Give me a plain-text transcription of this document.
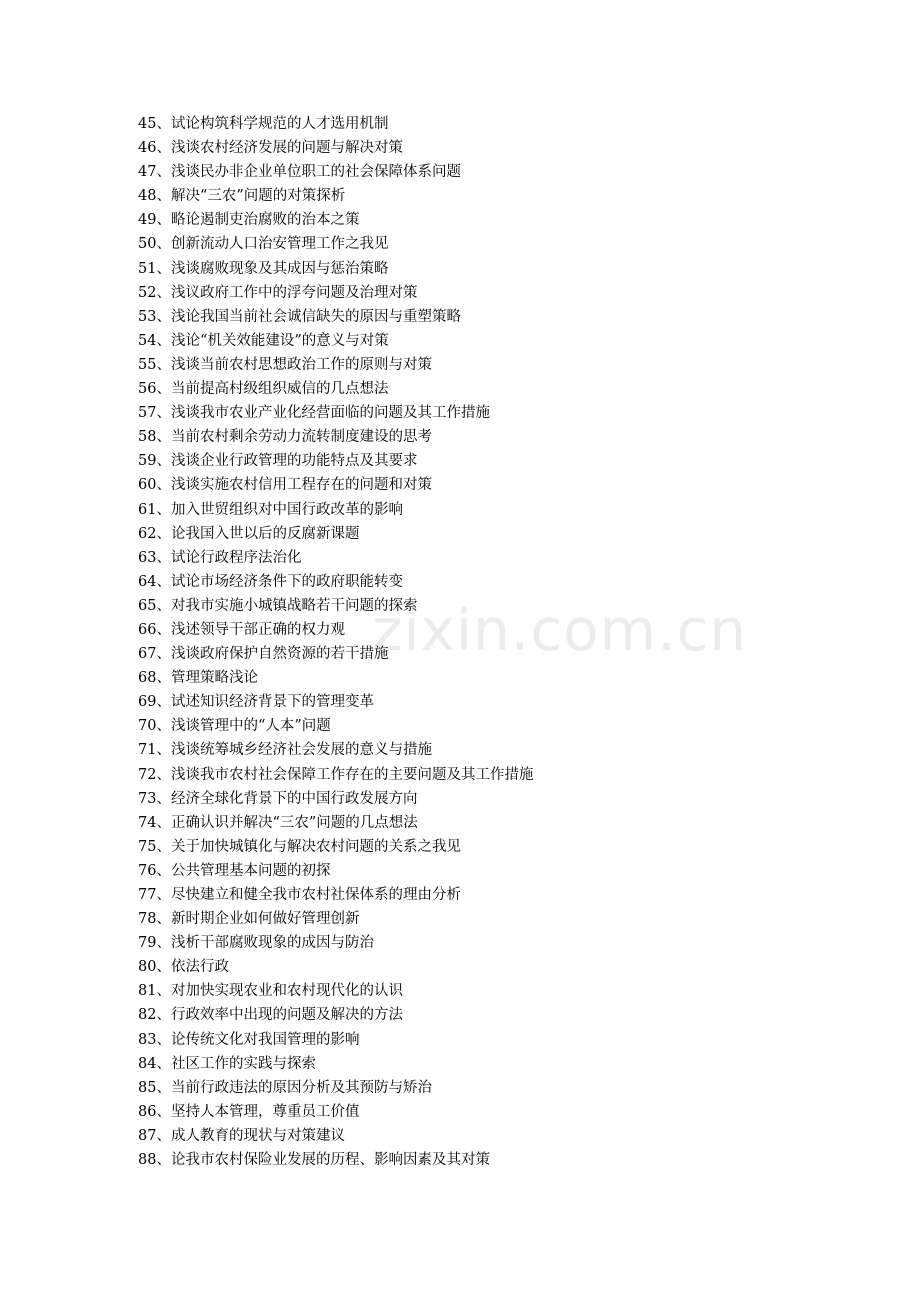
zixin.com.cn
45、试论构筑科学规范的人才选用机制
46、浅谈农村经济发展的问题与解决对策
47、浅谈民办非企业单位职工的社会保障体系问题
48、解决“三农”问题的对策探析
49、略论遏制吏治腐败的治本之策
50、创新流动人口治安管理工作之我见
51、浅谈腐败现象及其成因与惩治策略
52、浅议政府工作中的浮夸问题及治理对策
53、浅论我国当前社会诚信缺失的原因与重塑策略
54、浅论“机关效能建设”的意义与对策
55、浅谈当前农村思想政治工作的原则与对策
56、当前提高村级组织威信的几点想法
57、浅谈我市农业产业化经营面临的问题及其工作措施
58、当前农村剩余劳动力流转制度建设的思考
59、浅谈企业行政管理的功能特点及其要求
60、浅谈实施农村信用工程存在的问题和对策
61、加入世贸组织对中国行政改革的影响
62、论我国入世以后的反腐新课题
63、试论行政程序法治化
64、试论市场经济条件下的政府职能转变
65、对我市实施小城镇战略若干问题的探索
66、浅述领导干部正确的权力观
67、浅谈政府保护自然资源的若干措施
68、管理策略浅论
69、试述知识经济背景下的管理变革
70、浅谈管理中的“人本”问题
71、浅谈统筹城乡经济社会发展的意义与措施
72、浅谈我市农村社会保障工作存在的主要问题及其工作措施
73、经济全球化背景下的中国行政发展方向
74、正确认识并解决“三农”问题的几点想法
75、关于加快城镇化与解决农村问题的关系之我见
76、公共管理基本问题的初探
77、尽快建立和健全我市农村社保体系的理由分析
78、新时期企业如何做好管理创新
79、浅析干部腐败现象的成因与防治
80、依法行政
81、对加快实现农业和农村现代化的认识
82、行政效率中出现的问题及解决的方法
83、论传统文化对我国管理的影响
84、社区工作的实践与探索
85、当前行政违法的原因分析及其预防与矫治
86、坚持人本管理，尊重员工价值
87、成人教育的现状与对策建议
88、论我市农村保险业发展的历程、影响因素及其对策
